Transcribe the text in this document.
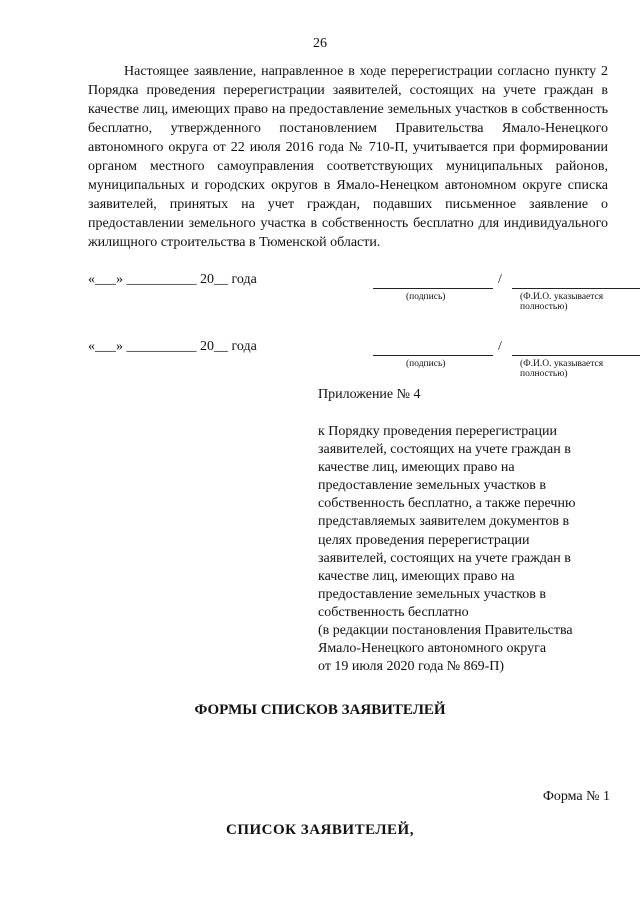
26

Настоящее заявление, направленное в ходе перерегистрации согласно пункту 2 Порядка проведения перерегистрации заявителей, состоящих на учете граждан в качестве лиц, имеющих право на предоставление земельных участков в собственность бесплатно, утвержденного постановлением Правительства Ямало-Ненецкого автономного округа от 22 июля 2016 года № 710-П, учитывается при формировании органом местного самоуправления соответствующих муниципальных районов, муниципальных и городских округов в Ямало-Ненецком автономном округе списка заявителей, принятых на учет граждан, подавших письменное заявление о предоставлении земельного участка в собственность бесплатно для индивидуального жилищного строительства в Тюменской области.

«___» __________ 20__ года	/
(подпись)	(Ф.И.О. указывается полностью)
«___» __________ 20__ года	/
(подпись)	(Ф.И.О. указывается полностью)

Приложение № 4

к Порядку проведения перерегистрации
заявителей, состоящих на учете граждан в
качестве лиц, имеющих право на
предоставление земельных участков в
собственность бесплатно, а также перечню
представляемых заявителем документов в
целях проведения перерегистрации
заявителей, состоящих на учете граждан в
качестве лиц, имеющих право на
предоставление земельных участков в
собственность бесплатно
(в редакции постановления Правительства
Ямало-Ненецкого автономного округа
от 19 июля 2020 года № 869-П)
ФОРМЫ СПИСКОВ ЗАЯВИТЕЛЕЙ
Форма № 1
СПИСОК ЗАЯВИТЕЛЕЙ,
